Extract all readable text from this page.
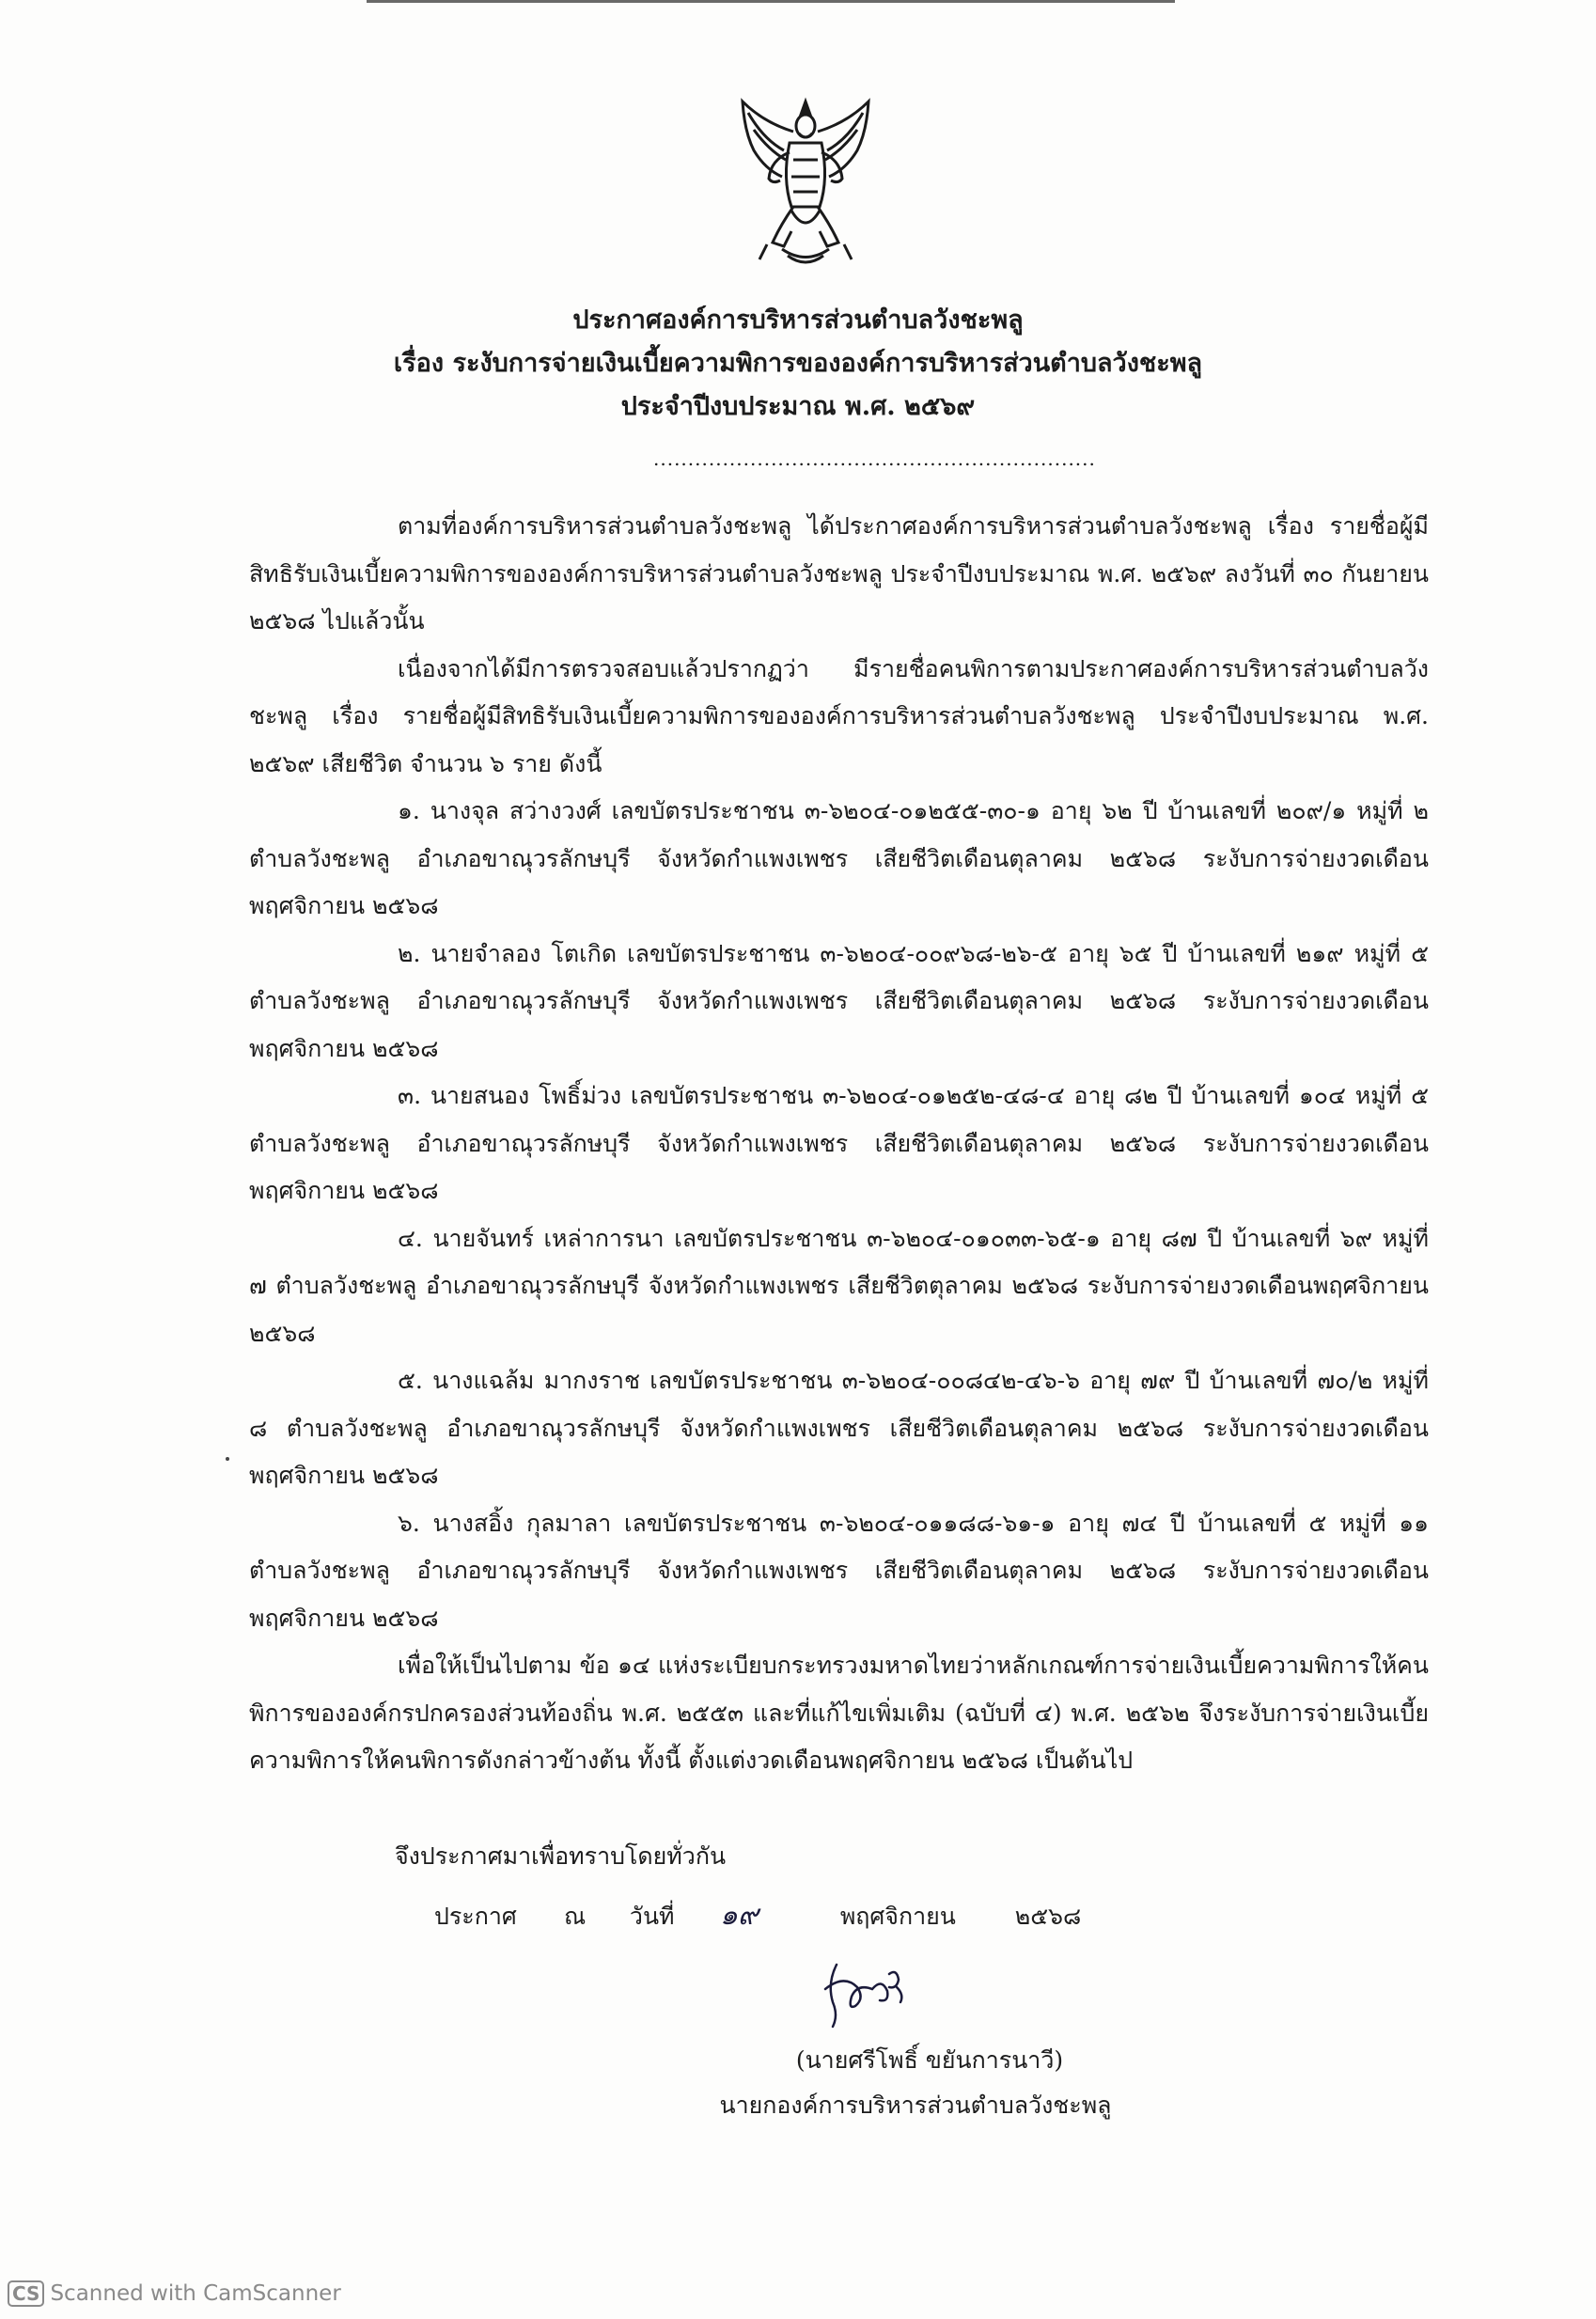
ประกาศองค์การบริหารส่วนตำบลวังชะพลู
เรื่อง ระงับการจ่ายเงินเบี้ยความพิการขององค์การบริหารส่วนตำบลวังชะพลู
ประจำปีงบประมาณ พ.ศ. ๒๕๖๙
................................................................

ตามที่องค์การบริหารส่วนตำบลวังชะพลู ได้ประกาศองค์การบริหารส่วนตำบลวังชะพลู เรื่อง รายชื่อผู้มีสิทธิรับเงินเบี้ยความพิการขององค์การบริหารส่วนตำบลวังชะพลู ประจำปีงบประมาณ พ.ศ. ๒๕๖๙ ลงวันที่ ๓๐ กันยายน ๒๕๖๘ ไปแล้วนั้น

เนื่องจากได้มีการตรวจสอบแล้วปรากฏว่า มีรายชื่อคนพิการตามประกาศองค์การบริหารส่วนตำบลวังชะพลู เรื่อง รายชื่อผู้มีสิทธิรับเงินเบี้ยความพิการขององค์การบริหารส่วนตำบลวังชะพลู ประจำปีงบประมาณ พ.ศ. ๒๕๖๙ เสียชีวิต จำนวน ๖ ราย ดังนี้

๑. นางจุล สว่างวงศ์ เลขบัตรประชาชน ๓-๖๒๐๔-๐๑๒๕๕-๓๐-๑ อายุ ๖๒ ปี บ้านเลขที่ ๒๐๙/๑ หมู่ที่ ๒ ตำบลวังชะพลู อำเภอขาณุวรลักษบุรี จังหวัดกำแพงเพชร เสียชีวิตเดือนตุลาคม ๒๕๖๘ ระงับการจ่ายงวดเดือนพฤศจิกายน ๒๕๖๘

๒. นายจำลอง โตเกิด เลขบัตรประชาชน ๓-๖๒๐๔-๐๐๙๖๘-๒๖-๕ อายุ ๖๕ ปี บ้านเลขที่ ๒๑๙ หมู่ที่ ๕ ตำบลวังชะพลู อำเภอขาณุวรลักษบุรี จังหวัดกำแพงเพชร เสียชีวิตเดือนตุลาคม ๒๕๖๘ ระงับการจ่ายงวดเดือนพฤศจิกายน ๒๕๖๘

๓. นายสนอง โพธิ์ม่วง เลขบัตรประชาชน ๓-๖๒๐๔-๐๑๒๕๒-๔๘-๔ อายุ ๘๒ ปี บ้านเลขที่ ๑๐๔ หมู่ที่ ๕ ตำบลวังชะพลู อำเภอขาณุวรลักษบุรี จังหวัดกำแพงเพชร เสียชีวิตเดือนตุลาคม ๒๕๖๘ ระงับการจ่ายงวดเดือนพฤศจิกายน ๒๕๖๘

๔. นายจันทร์ เหล่าการนา เลขบัตรประชาชน ๓-๖๒๐๔-๐๑๐๓๓-๖๕-๑ อายุ ๘๗ ปี บ้านเลขที่ ๖๙ หมู่ที่ ๗ ตำบลวังชะพลู อำเภอขาณุวรลักษบุรี จังหวัดกำแพงเพชร เสียชีวิตตุลาคม ๒๕๖๘ ระงับการจ่ายงวดเดือนพฤศจิกายน ๒๕๖๘

๕. นางแฉล้ม มากงราช เลขบัตรประชาชน ๓-๖๒๐๔-๐๐๘๔๒-๔๖-๖ อายุ ๗๙ ปี บ้านเลขที่ ๗๐/๒ หมู่ที่ ๘ ตำบลวังชะพลู อำเภอขาณุวรลักษบุรี จังหวัดกำแพงเพชร เสียชีวิตเดือนตุลาคม ๒๕๖๘ ระงับการจ่ายงวดเดือนพฤศจิกายน ๒๕๖๘

๖. นางสอิ้ง กุลมาลา เลขบัตรประชาชน ๓-๖๒๐๔-๐๑๑๘๘-๖๑-๑ อายุ ๗๔ ปี บ้านเลขที่ ๕ หมู่ที่ ๑๑ ตำบลวังชะพลู อำเภอขาณุวรลักษบุรี จังหวัดกำแพงเพชร เสียชีวิตเดือนตุลาคม ๒๕๖๘ ระงับการจ่ายงวดเดือนพฤศจิกายน ๒๕๖๘

เพื่อให้เป็นไปตาม ข้อ ๑๔ แห่งระเบียบกระทรวงมหาดไทยว่าหลักเกณฑ์การจ่ายเงินเบี้ยความพิการให้คนพิการขององค์กรปกครองส่วนท้องถิ่น พ.ศ. ๒๕๕๓ และที่แก้ไขเพิ่มเติม (ฉบับที่ ๔) พ.ศ. ๒๕๖๒ จึงระงับการจ่ายเงินเบี้ยความพิการให้คนพิการดังกล่าวข้างต้น ทั้งนี้ ตั้งแต่งวดเดือนพฤศจิกายน ๒๕๖๘ เป็นต้นไป

จึงประกาศมาเพื่อทราบโดยทั่วกัน
ประกาศ ณ วันที่ ๑๙	พฤศจิกายน	๒๕๖๘
(นายศรีโพธิ์ ขยันการนาวี)
นายกองค์การบริหารส่วนตำบลวังชะพลู
CS Scanned with CamScanner
